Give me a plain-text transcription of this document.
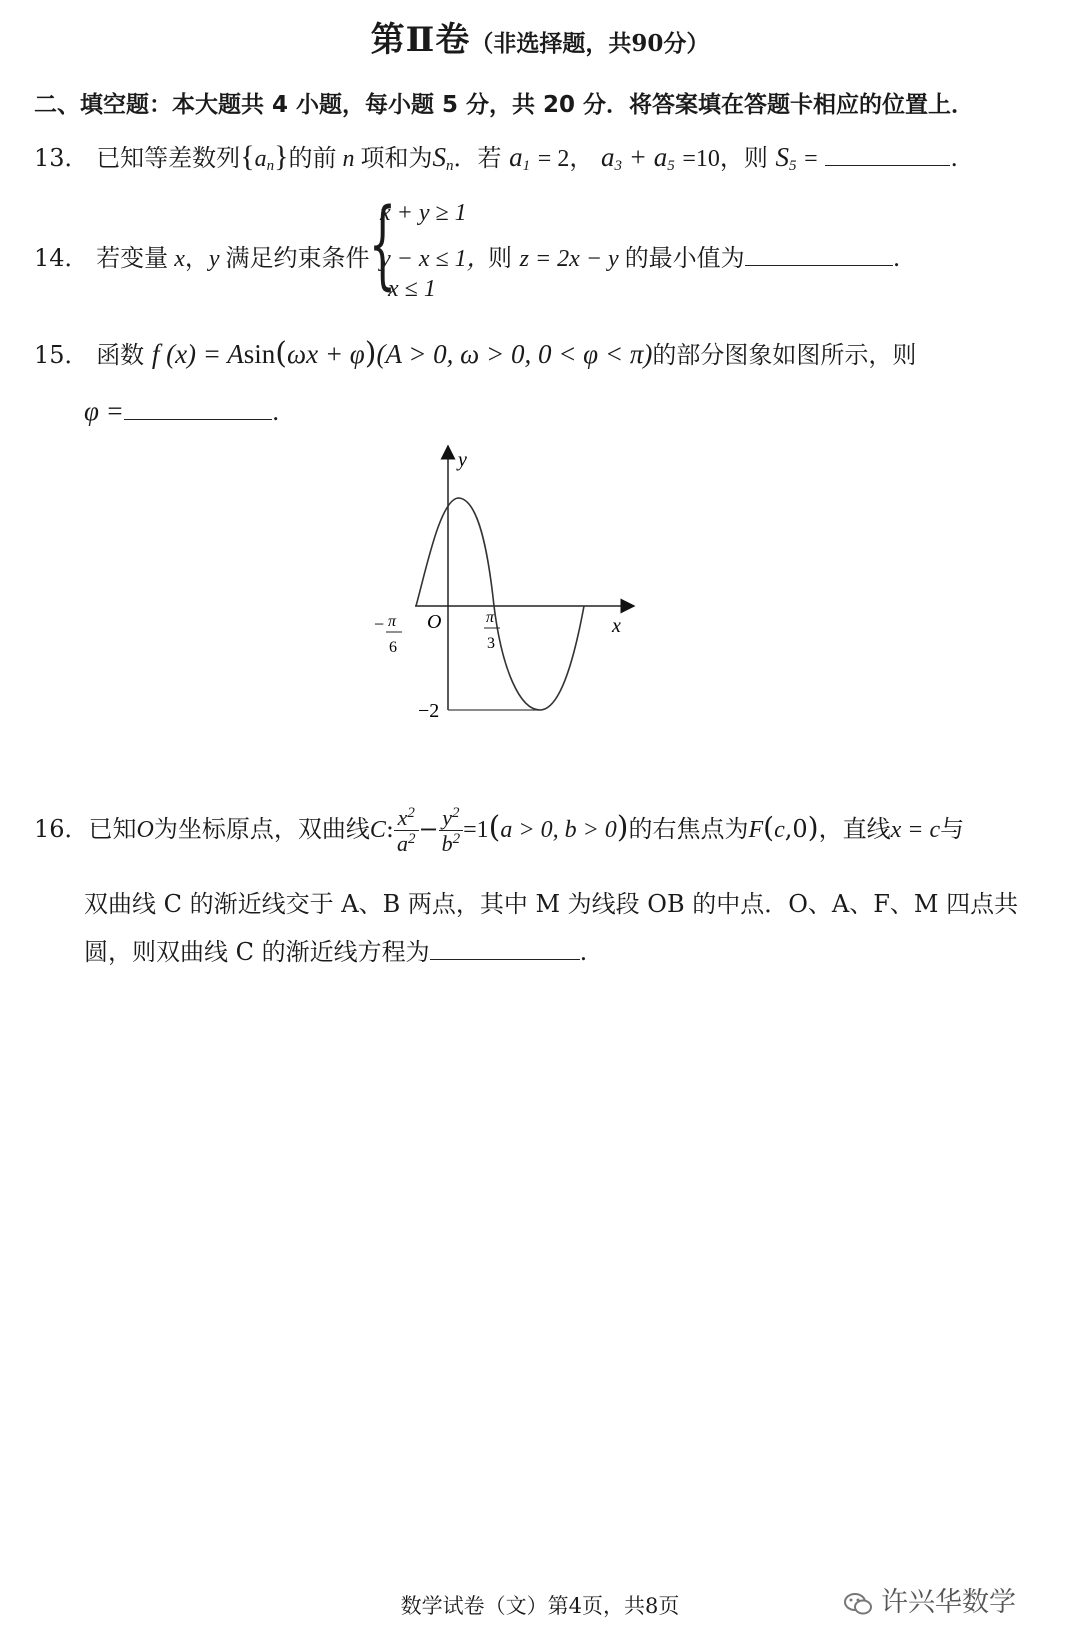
第Ⅱ卷（非选择题，共90分）
二、填空题：本大题共 4 小题，每小题 5 分，共 20 分．将答案填在答题卡相应的位置上．
13． 已知等差数列{an}的前 n 项和为Sn．若 a1 = 2， a3 + a5 =10，则 S5 =	.
14． 若变量 x，y 满足约束条件 {
x + y ≥ 1
y − x ≤ 1，
x ≤ 1
则 z = 2x − y 的最小值为	.
15． 函数 f (x) = Asin(ωx + φ)(A > 0, ω > 0, 0 < φ < π)的部分图象如图所示，则
φ =	.
y
x
O
− π
6
π
3
−2
16．已知O为坐标原点，双曲线C: $\frac{x^2}{a^2} - \frac{y^2}{b^2} =1(a > 0$, b > 0)的右焦点为F(c,0)，直线x = c与
双曲线 C 的渐近线交于 A、B 两点，其中 M 为线段 OB 的中点．O、A、F、M 四点共
圆，则双曲线 C 的渐近线方程为	.
数学试卷（文）第4页，共8页	许兴华数学
